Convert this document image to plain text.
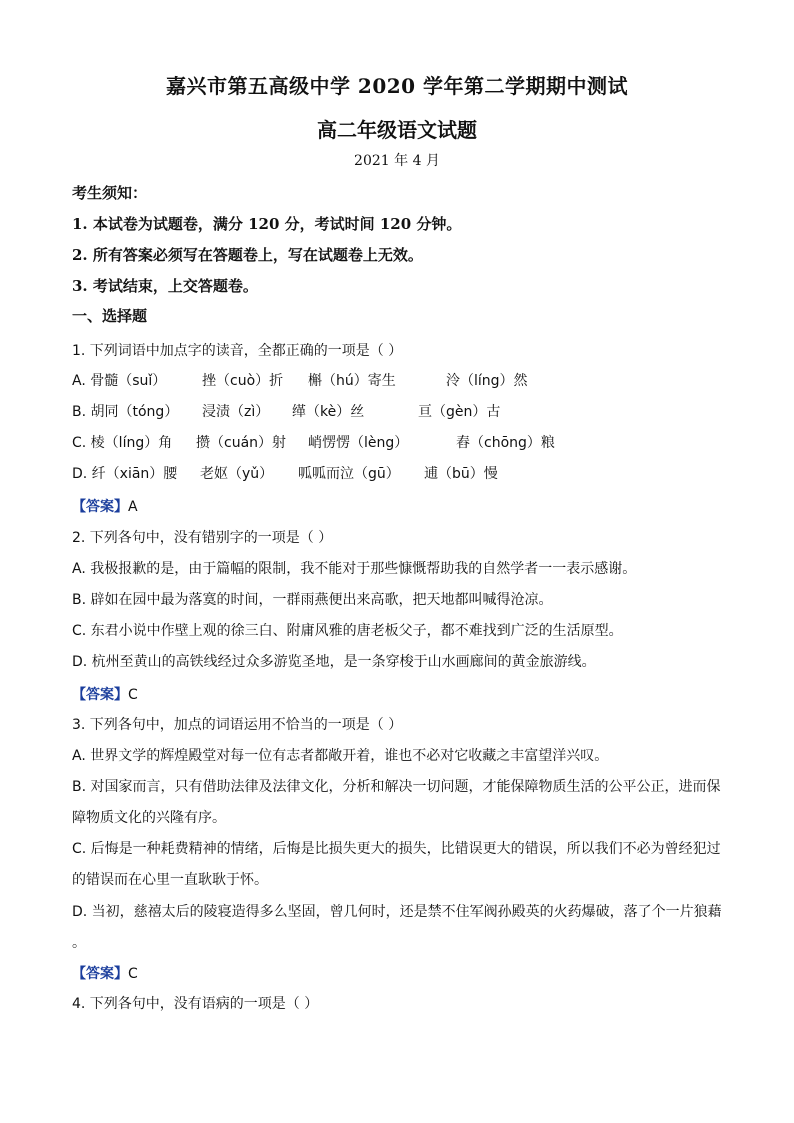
嘉兴市第五高级中学 2020 学年第二学期期中测试
高二年级语文试题
2021 年 4 月
考生须知：
1. 本试卷为试题卷，满分 120 分，考试时间 120 分钟。
2. 所有答案必须写在答题卷上，写在试题卷上无效。
3. 考试结束，上交答题卷。
一、选择题
1. 下列词语中加点字的读音，全都正确的一项是（ ）
A. 骨髓（suǐ）	挫（cuò）折 槲（hú）寄生	泠（líng）然
B. 胡同（tóng） 浸渍（zì） 缂（kè）丝	亘（gèn）古
C. 棱（líng）角 攒（cuán）射 峭愣愣（lèng）	舂（chōng）粮
D. 纤（xiān）腰 老妪（yǔ） 呱呱而泣（gū） 逋（bū）慢
【答案】A
2. 下列各句中，没有错别字的一项是（ ）
A. 我极报歉的是，由于篇幅的限制，我不能对于那些慷慨帮助我的自然学者一一表示感谢。
B. 辟如在园中最为落寞的时间，一群雨燕便出来高歌，把天地都叫喊得沧凉。
C. 东君小说中作壁上观的徐三白、附庸风雅的唐老板父子，都不难找到广泛的生活原型。
D. 杭州至黄山的高铁线经过众多游览圣地，是一条穿梭于山水画廊间的黄金旅游线。
【答案】C
3. 下列各句中，加点的词语运用不恰当的一项是（ ）
A. 世界文学的辉煌殿堂对每一位有志者都敞开着，谁也不必对它收藏之丰富望洋兴叹。
B. 对国家而言，只有借助法律及法律文化，分析和解决一切问题，才能保障物质生活的公平公正，进而保
障物质文化的兴隆有序。
C. 后悔是一种耗费精神的情绪，后悔是比损失更大的损失，比错误更大的错误，所以我们不必为曾经犯过
的错误而在心里一直耿耿于怀。
D. 当初，慈禧太后的陵寝造得多么坚固，曾几何时，还是禁不住军阀孙殿英的火药爆破，落了个一片狼藉
。
【答案】C
4. 下列各句中，没有语病的一项是（ ）
